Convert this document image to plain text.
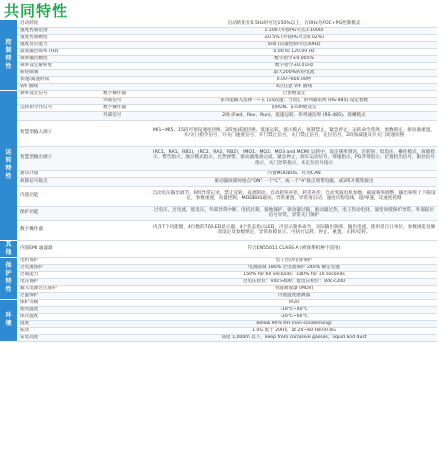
共同特性
控
制
特
性	启动转矩		启动转矩在0.5Hz时可达150%以上，在0Hz为FOC+PG控制模式
	速度控制范围		1:100 (外接PG可达1:1000)
	速度控制精度		±0.5% (外接PG可达0.02%)
	速度反应能力		5Hz (向量控制可达30Hz)
	最高输出频率 (Hz)		0.00 to 120.00 Hz
	频率输出精度		数字指令±0.005%
	频率设定解析度		数字指令±0.01Hz
	转矩限制		最大200%转矩电流
	加速/减速时间		0.00~600.00秒
	V/F 曲线		4点任意 V/F 曲线

运
转
特
性	频率设定信号	数字操作器	自参数设定
		外部信号	多功能输入选择一~五 (15段速；寸动)、串列通讯埠 (RS-485) 设定参数
	运转指令作信号	数字操作器	由RUN、STOP键设定
		外部信号	2线 (Fwd、Rev、Run)、低速运转、串列通信埠 (RS-485)、晨晰模式
	智慧型输入端子		MI1~MI5、15段可预设速度切换，2段加减速切换，低速运转，演示模式，复制禁止，紧急停止，运转命令选择，参数锁定，驱动器重置，开/关门指令信号，开关门速度信号，开门禁止信号，关门禁止信号，定位信号，2段加减速及开关门高速切换
	智慧型输出端子		(RC1、RA1、RB1)，(RC2、RA2、RB2)，(MO1、MO2、MO3 and MCM) 运转中，设定频率到达，过转矩，低电压，操作模式，故障指示，警告指示，演示模式指示，过热预警，驱动器准备完成，紧急停止，刹车运动信号，零速指示，PG异常指示，位置检出信号，限位信号指示，关门异常指示，未定位信号指示
	通讯介面		内置MODBUS、红别CAN
	故障信号接点		驱动器故障时接点"ON" 一个"C"，或一个"A"接点须带电磁，或2组开模集接出
	内置功能		自动电压输出调节，6组异常记录，禁止反转，直流制动，自动转矩补偿，转差补偿，自动突波电机参数，载波频率调整，输出频率上下限设定，参数重置，向量控制，MODBUS通讯，异常重置，异常再启动，速度历程电线，超/零速，及速度控制
	保护功能		过电压，过电流，低电压，外部异常中断，电机过载，接地保护，驱动器过载，驱动器过热，电子热动电驿，演变回授保护异常，外部报位信号异常，异常关门保护
	数字操作器		内含7个功能键，4位数的7段LED显示器，4个状态指示LED，可显示频率命令，实际输出频率，输出电流，使用者自订单位，参数浏览及修改设定及参数锁定，异常故障显示，可执行运转、停止、重置，正转/反转。

其
他	内置EMI 滤波器		符合EN55011 CLASS A (被保系机种不适用)

保
护
特
性	电机保护		电子热动电驿保护
	过电流保护		电流限制 180% 过电流保护 240% 额定电流
	过载能力		150% for 60 seconds；180% for 10 seconds
	电压保护		过电压检位：Vdc>400；低电压检位：Vdc<200
	输入电源过压保护		突波吸收器 (MOV)
	过温保护		内置温度感测器

环
境	保护等级		IP20
	使用温度		-10℃~40℃
	保存温度		-20℃~60℃
	湿度		Below 90% RH (non-condensing)
	振动		1.0G 低于 20Hz，at 20~60 Hz的0.6G
	安装高度		高度 1,000m 以下，keep from corrosive gasses，liquid and dust
